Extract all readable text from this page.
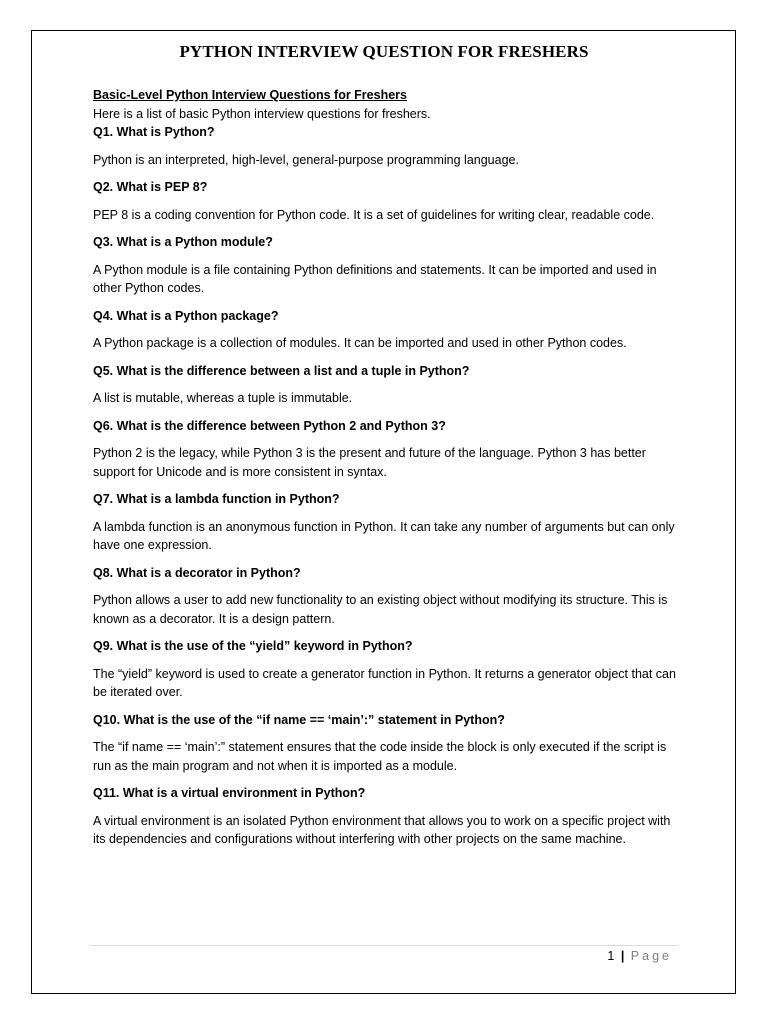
PYTHON INTERVIEW QUESTION FOR FRESHERS

Basic-Level Python Interview Questions for Freshers

Here is a list of basic Python interview questions for freshers.

Q1. What is Python?

Python is an interpreted, high-level, general-purpose programming language.

Q2. What is PEP 8?

PEP 8 is a coding convention for Python code. It is a set of guidelines for writing clear, readable code.

Q3. What is a Python module?

A Python module is a file containing Python definitions and statements. It can be imported and used in other Python codes.

Q4. What is a Python package?

A Python package is a collection of modules. It can be imported and used in other Python codes.

Q5. What is the difference between a list and a tuple in Python?

A list is mutable, whereas a tuple is immutable.

Q6. What is the difference between Python 2 and Python 3?

Python 2 is the legacy, while Python 3 is the present and future of the language. Python 3 has better support for Unicode and is more consistent in syntax.

Q7. What is a lambda function in Python?

A lambda function is an anonymous function in Python. It can take any number of arguments but can only have one expression.

Q8. What is a decorator in Python?

Python allows a user to add new functionality to an existing object without modifying its structure. This is known as a decorator. It is a design pattern.

Q9. What is the use of the “yield” keyword in Python?

The “yield” keyword is used to create a generator function in Python. It returns a generator object that can be iterated over.

Q10. What is the use of the “if name == ‘main’:” statement in Python?

The “if name == ‘main’:” statement ensures that the code inside the block is only executed if the script is run as the main program and not when it is imported as a module.

Q11. What is a virtual environment in Python?

A virtual environment is an isolated Python environment that allows you to work on a specific project with its dependencies and configurations without interfering with other projects on the same machine.

1 | Page
